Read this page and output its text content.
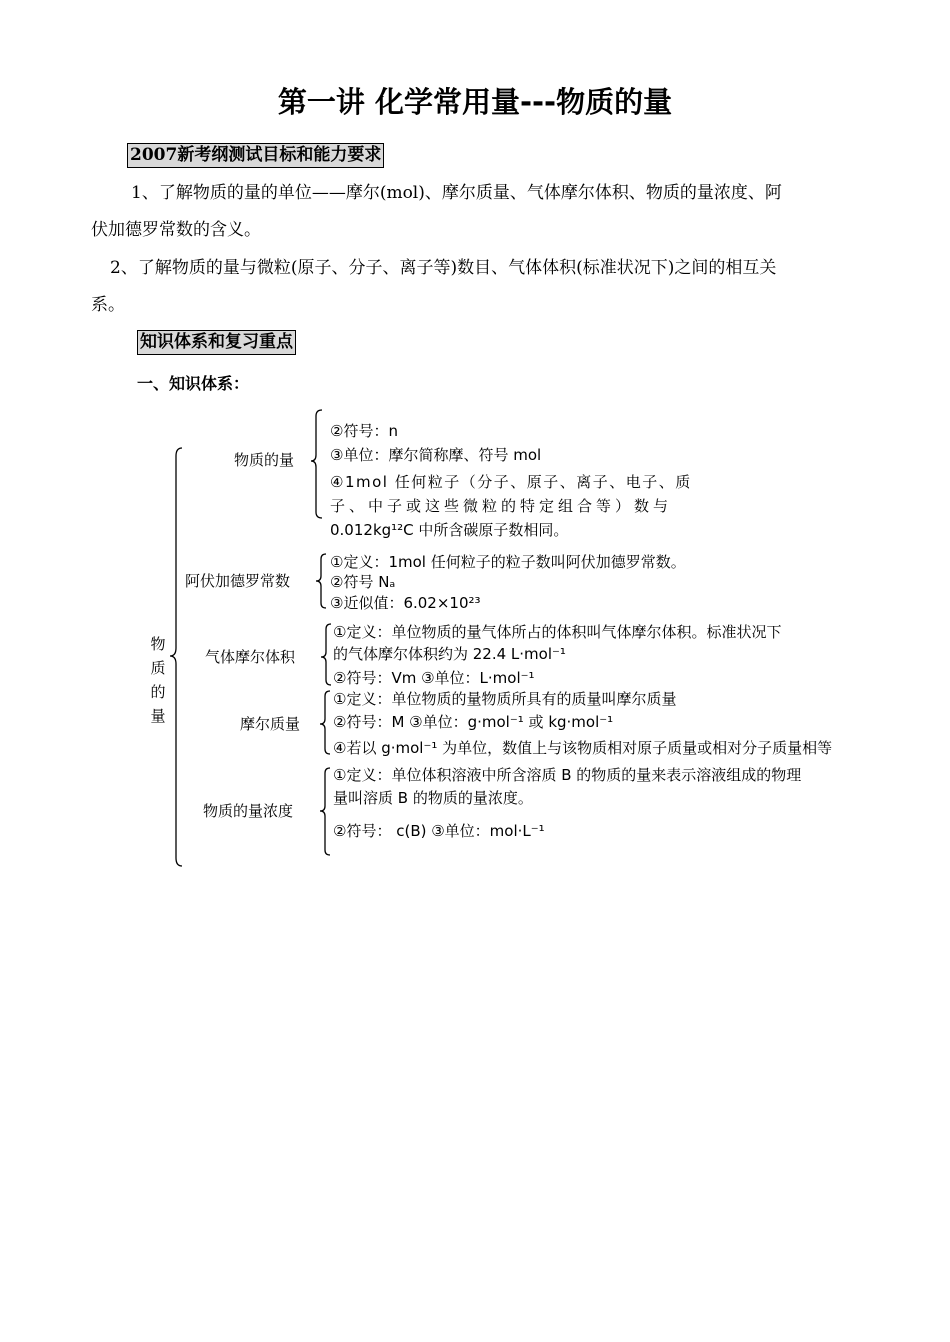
第一讲 化学常用量---物质的量
2007新考纲测试目标和能力要求
1、了解物质的量的单位——摩尔(mol)、摩尔质量、气体摩尔体积、物质的量浓度、阿
伏加德罗常数的含义。
2、了解物质的量与微粒(原子、分子、离子等)数目、气体体积(标准状况下)之间的相互关
系。
知识体系和复习重点
一、知识体系：
物质的量
物质的量
阿伏加德罗常数
气体摩尔体积
摩尔质量
物质的量浓度
②符号：n
③单位：摩尔简称摩、符号 mol
④1mol 任何粒子（分子、原子、离子、电子、质
子、中子或这些微粒的特定组合等）数与
0.012kg¹²C 中所含碳原子数相同。
①定义：1mol 任何粒子的粒子数叫阿伏加德罗常数。
②符号 Nₐ
③近似值：6.02×10²³
①定义：单位物质的量气体所占的体积叫气体摩尔体积。标准状况下
的气体摩尔体积约为 22.4 L·mol⁻¹
②符号：Vm ③单位：L·mol⁻¹
①定义：单位物质的量物质所具有的质量叫摩尔质量
②符号：M ③单位：g·mol⁻¹ 或 kg·mol⁻¹
④若以 g·mol⁻¹ 为单位，数值上与该物质相对原子质量或相对分子质量相等
①定义：单位体积溶液中所含溶质 B 的物质的量来表示溶液组成的物理
量叫溶质 B 的物质的量浓度。
②符号： c(B) ③单位：mol·L⁻¹
